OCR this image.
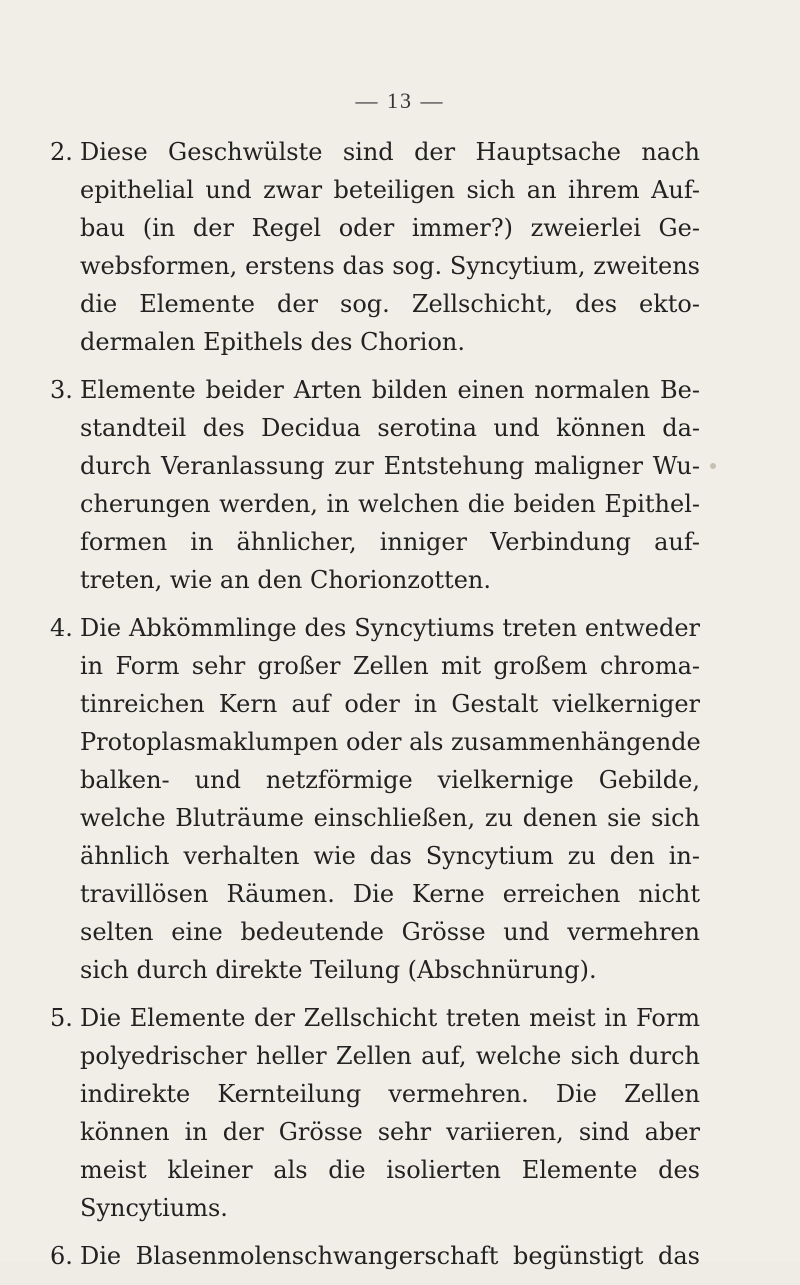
— 13 —
2. Diese Geschwülste sind der Hauptsache nach
epithelial und zwar beteiligen sich an ihrem Auf-
bau (in der Regel oder immer?) zweierlei Ge-
websformen, erstens das sog. Syncytium, zweitens
die Elemente der sog. Zellschicht, des ekto-
dermalen Epithels des Chorion.
3. Elemente beider Arten bilden einen normalen Be-
standteil des Decidua serotina und können da-
durch Veranlassung zur Entstehung maligner Wu-
cherungen werden, in welchen die beiden Epithel-
formen in ähnlicher, inniger Verbindung auf-
treten, wie an den Chorionzotten.
4. Die Abkömmlinge des Syncytiums treten entweder
in Form sehr großer Zellen mit großem chroma-
tinreichen Kern auf oder in Gestalt vielkerniger
Protoplasmaklumpen oder als zusammenhängende
balken- und netzförmige vielkernige Gebilde,
welche Bluträume einschließen, zu denen sie sich
ähnlich verhalten wie das Syncytium zu den in-
travillösen Räumen. Die Kerne erreichen nicht
selten eine bedeutende Grösse und vermehren
sich durch direkte Teilung (Abschnürung).
5. Die Elemente der Zellschicht treten meist in Form
polyedrischer heller Zellen auf, welche sich durch
indirekte Kernteilung vermehren. Die Zellen
können in der Grösse sehr variieren, sind aber
meist kleiner als die isolierten Elemente des
Syncytiums.
6. Die Blasenmolenschwangerschaft begünstigt das
